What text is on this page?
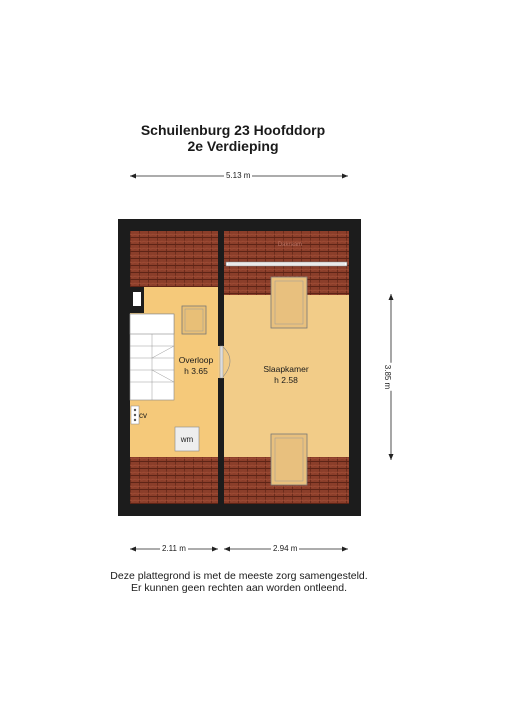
Schuilenburg 23 Hoofddorp
2e Verdieping
Dakraam
5.13 m
2.11 m	2.94 m
3.85 m
Overloop
h 3.65	Slaapkamer
h 2.58
cv
wm
Deze plattegrond is met de meeste zorg samengesteld.
Er kunnen geen rechten aan worden ontleend.
